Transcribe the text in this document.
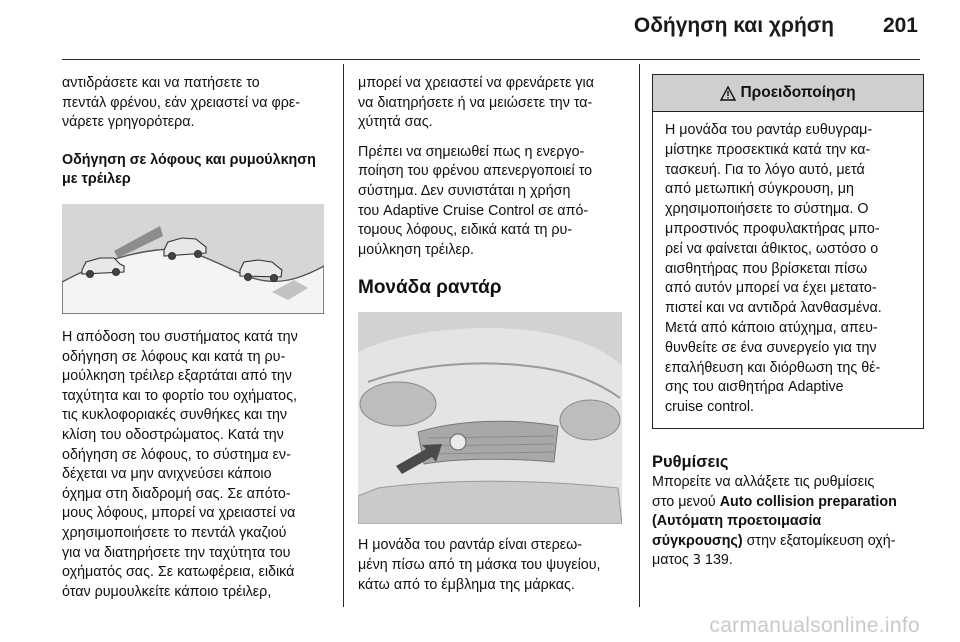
Οδήγηση και χρήση 201

αντιδράσετε και να πατήσετε το
πεντάλ φρένου, εάν χρειαστεί να φρε-
νάρετε γρηγορότερα.

Οδήγηση σε λόφους και ρυμούλκηση
με τρέιλερ

Η απόδοση του συστήματος κατά την
οδήγηση σε λόφους και κατά τη ρυ-
μούλκηση τρέιλερ εξαρτάται από την
ταχύτητα και το φορτίο του οχήματος,
τις κυκλοφοριακές συνθήκες και την
κλίση του οδοστρώματος. Κατά την
οδήγηση σε λόφους, το σύστημα εν-
δέχεται να μην ανιχνεύσει κάποιο
όχημα στη διαδρομή σας. Σε απότο-
μους λόφους, μπορεί να χρειαστεί να
χρησιμοποιήσετε το πεντάλ γκαζιού
για να διατηρήσετε την ταχύτητα του
οχήματός σας. Σε κατωφέρεια, ειδικά
όταν ρυμουλκείτε κάποιο τρέιλερ,

μπορεί να χρειαστεί να φρενάρετε για
να διατηρήσετε ή να μειώσετε την τα-
χύτητά σας.

Πρέπει να σημειωθεί πως η ενεργο-
ποίηση του φρένου απενεργοποιεί το
σύστημα. Δεν συνιστάται η χρήση
του Adaptive Cruise Control σε από-
τομους λόφους, ειδικά κατά τη ρυ-
μούλκηση τρέιλερ.

Μονάδα ραντάρ

Η μονάδα του ραντάρ είναι στερεω-
μένη πίσω από τη μάσκα του ψυγείου,
κάτω από το έμβλημα της μάρκας.

Προειδοποίηση

Η μονάδα του ραντάρ ευθυγραμ-
μίστηκε προσεκτικά κατά την κα-
τασκευή. Για το λόγο αυτό, μετά
από μετωπική σύγκρουση, μη
χρησιμοποιήσετε το σύστημα. Ο
μπροστινός προφυλακτήρας μπο-
ρεί να φαίνεται άθικτος, ωστόσο ο
αισθητήρας που βρίσκεται πίσω
από αυτόν μπορεί να έχει μετατο-
πιστεί και να αντιδρά λανθασμένα.
Μετά από κάποιο ατύχημα, απευ-
θυνθείτε σε ένα συνεργείο για την
επαλήθευση και διόρθωση της θέ-
σης του αισθητήρα Adaptive
cruise control.

Ρυθμίσεις

Μπορείτε να αλλάξετε τις ρυθμίσεις
στο μενού Auto collision preparation
(Αυτόματη προετοιμασία
σύγκρουσης) στην εξατομίκευση οχή-
ματος 3 139.

carmanualsonline.info
